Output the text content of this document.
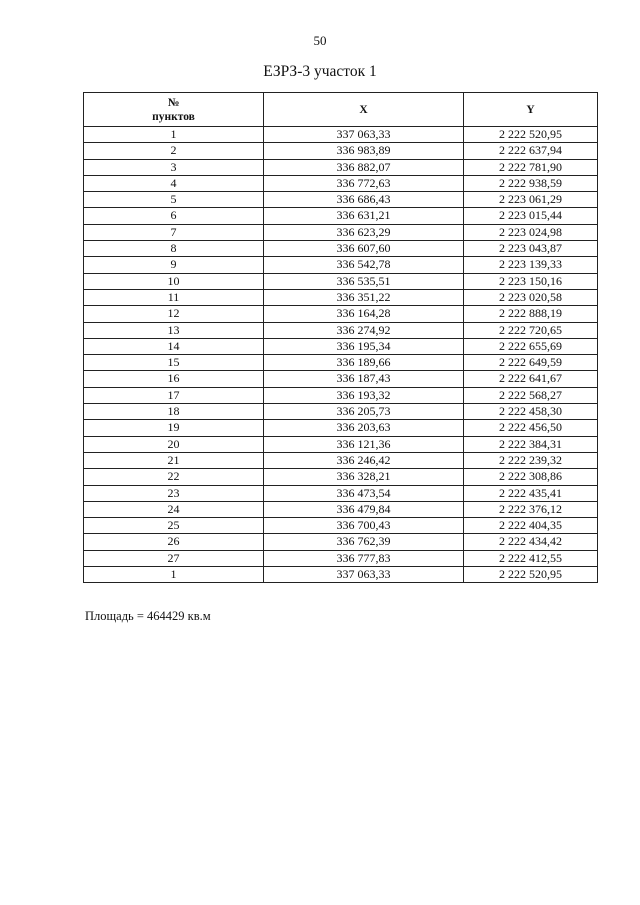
50
ЕЗРЗ-3 участок 1
№
пунктов	X	Y
1	337 063,33	2 222 520,95
2	336 983,89	2 222 637,94
3	336 882,07	2 222 781,90
4	336 772,63	2 222 938,59
5	336 686,43	2 223 061,29
6	336 631,21	2 223 015,44
7	336 623,29	2 223 024,98
8	336 607,60	2 223 043,87
9	336 542,78	2 223 139,33
10	336 535,51	2 223 150,16
11	336 351,22	2 223 020,58
12	336 164,28	2 222 888,19
13	336 274,92	2 222 720,65
14	336 195,34	2 222 655,69
15	336 189,66	2 222 649,59
16	336 187,43	2 222 641,67
17	336 193,32	2 222 568,27
18	336 205,73	2 222 458,30
19	336 203,63	2 222 456,50
20	336 121,36	2 222 384,31
21	336 246,42	2 222 239,32
22	336 328,21	2 222 308,86
23	336 473,54	2 222 435,41
24	336 479,84	2 222 376,12
25	336 700,43	2 222 404,35
26	336 762,39	2 222 434,42
27	336 777,83	2 222 412,55
1	337 063,33	2 222 520,95
Площадь = 464429 кв.м
